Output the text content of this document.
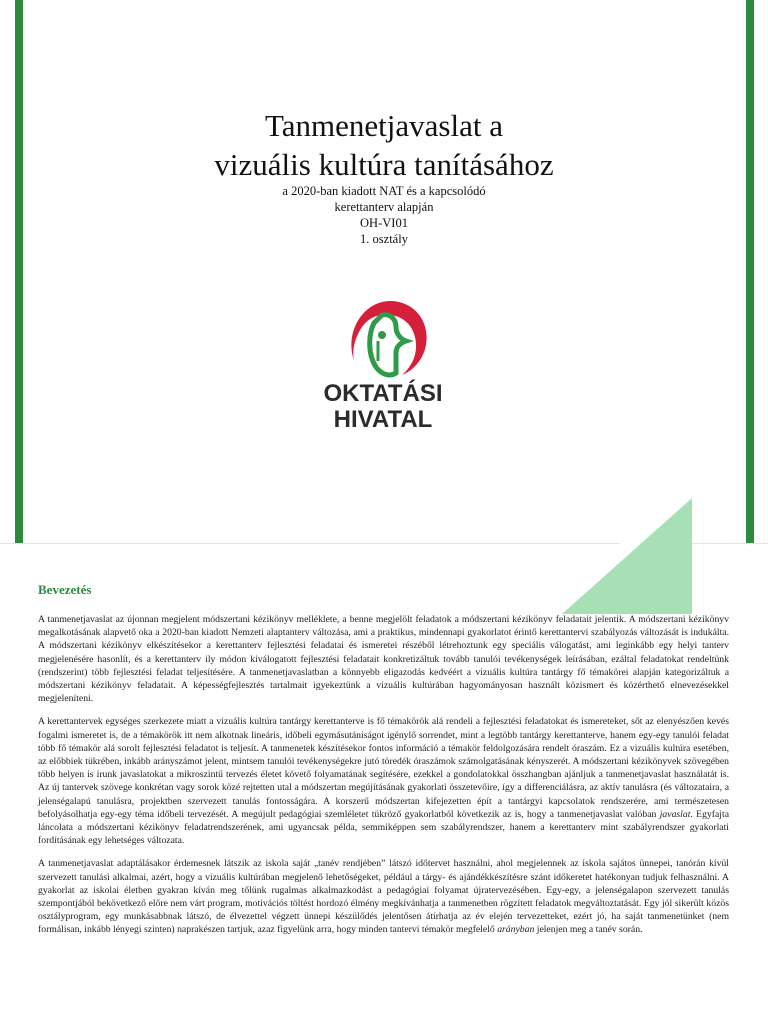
Tanmenetjavaslat a
vizuális kultúra tanításához
a 2020-ban kiadott NAT és a kapcsolódó
kerettanterv alapján
OH-VI01
1. osztály
OKTATÁSI
HIVATAL
Bevezetés

A tanmenetjavaslat az újonnan megjelent módszertani kézikönyv melléklete, a benne megjelölt feladatok a módszertani kézikönyv feladatait jelentik. A módszertani kézikönyv megalkotásának alapvető oka a 2020-ban kiadott Nemzeti alaptanterv változása, ami a praktikus, mindennapi gyakorlatot érintő kerettantervi szabályozás változását is indukálta. A módszertani kézikönyv elkészítésekor a kerettanterv fejlesztési feladatai és ismeretei részéből létrehoztunk egy speciális válogatást, ami leginkább egy helyi tanterv megjelenésére hasonlít, és a kerettanterv ily módon kiválogatott fejlesztési feladatait konkretizáltuk tovább tanulói tevékenységek leírásában, ezáltal feladatokat rendeltünk (rendszerint) több fejlesztési feladat teljesítésére. A tanmenetjavaslatban a könnyebb eligazodás kedvéért a vizuális kultúra tantárgy fő témakörei alapján kategorizáltuk a módszertani kézikönyv feladatait. A képességfejlesztés tartalmait igyekeztünk a vizuális kultúrában hagyományosan használt közismert és közérthető elnevezésekkel megjeleníteni.

A kerettantervek egységes szerkezete miatt a vizuális kultúra tantárgy kerettanterve is fő témakörök alá rendeli a fejlesztési feladatokat és ismereteket, sőt az elenyészően kevés fogalmi ismeretet is, de a témakörök itt nem alkotnak lineáris, időbeli egymásutániságot igénylő sorrendet, mint a legtöbb tantárgy kerettanterve, hanem egy-egy tanulói feladat több fő témakör alá sorolt fejlesztési feladatot is teljesít. A tanmenetek készítésekor fontos információ a témakör feldolgozására rendelt óraszám. Ez a vizuális kultúra esetében, az előbbiek tükrében, inkább arányszámot jelent, mintsem tanulói tevékenységekre jutó töredék óraszámok számolgatásának kényszerét. A módszertani kézikönyvek szövegében több helyen is írunk javaslatokat a mikroszintű tervezés életet követő folyamatának segítésére, ezekkel a gondolatokkal összhangban ajánljuk a tanmenetjavaslat használatát is. Az új tantervek szövege konkrétan vagy sorok közé rejtetten utal a módszertan megújításának gyakorlati összetevőire, így a differenciálásra, az aktív tanulásra (és változataira, a jelenségalapú tanulásra, projektben szervezett tanulás fontosságára. A korszerű módszertan kifejezetten épít a tantárgyi kapcsolatok rendszerére, ami természetesen befolyásolhatja egy-egy téma időbeli tervezését. A megújult pedagógiai szemléletet tükröző gyakorlatból következik az is, hogy a tanmenetjavaslat valóban javaslat. Egyfajta láncolata a módszertani kézikönyv feladatrendszerének, ami ugyancsak példa, semmiképpen sem szabályrendszer, hanem a kerettanterv mint szabályrendszer gyakorlati fordításának egy lehetséges változata.

A tanmenetjavaslat adaptálásakor érdemesnek látszik az iskola saját „tanév rendjében” látszó időtervet használni, ahol megjelennek az iskola sajátos ünnepei, tanórán kívül szervezett tanulási alkalmai, azért, hogy a vizuális kultúrában megjelenő lehetőségeket, például a tárgy- és ajándékkészítésre szánt időkeretet hatékonyan tudjuk felhasználni. A gyakorlat az iskolai életben gyakran kíván meg tőlünk rugalmas alkalmazkodást a pedagógiai folyamat újratervezésében. Egy-egy, a jelenségalapon szervezett tanulás szempontjából bekövetkező előre nem várt program, motivációs töltést hordozó élmény megkívánhatja a tanmenetben rögzített feladatok megváltoztatását. Egy jól sikerült közös osztályprogram, egy munkásabbnak látszó, de élvezettel végzett ünnepi készülődés jelentősen átírhatja az év elején tervezetteket, ezért jó, ha saját tanmenetünket (nem formálisan, inkább lényegi szinten) naprakészen tartjuk, azaz figyelünk arra, hogy minden tantervi témakör megfelelő arányban jelenjen meg a tanév során.
